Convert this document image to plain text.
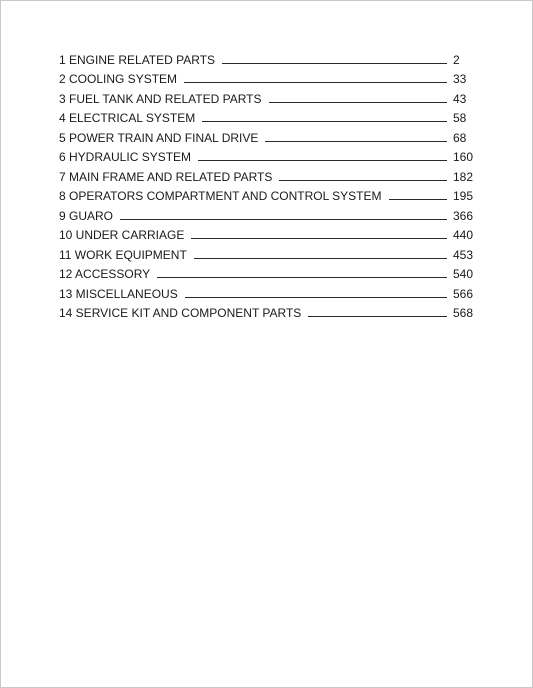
1 ENGINE RELATED PARTS	2
2 COOLING SYSTEM	33
3 FUEL TANK AND RELATED PARTS	43
4 ELECTRICAL SYSTEM	58
5 POWER TRAIN AND FINAL DRIVE	68
6 HYDRAULIC SYSTEM	160
7 MAIN FRAME AND RELATED PARTS	182
8 OPERATORS COMPARTMENT AND CONTROL SYSTEM	195
9 GUARO	366
10 UNDER CARRIAGE	440
11 WORK EQUIPMENT	453
12 ACCESSORY	540
13 MISCELLANEOUS	566
14 SERVICE KIT AND COMPONENT PARTS	568
